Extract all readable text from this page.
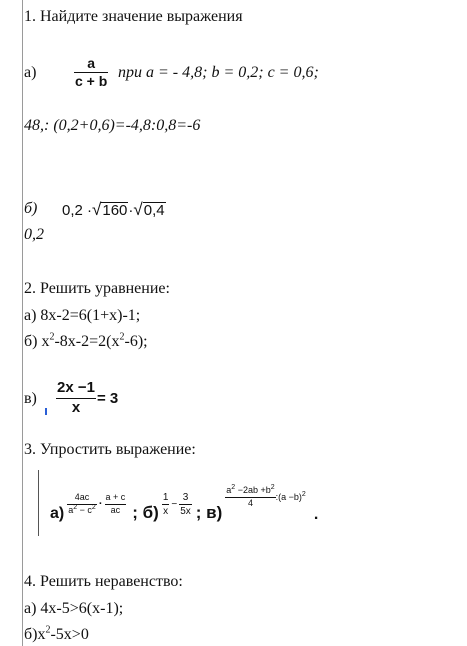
1. Найдите значение выражения
а)	$\frac{a}{c + b}$ при a = - 4,8; b = 0,2; c = 0,6;
48,: (0,2+0,6)=-4,8:0,8=-6
б) 0,2 · √ 160 · √ 0,4
0,2
2. Решить уравнение:
а) 8x-2=6(1+x)-1;
б) $x^2-8x-2=2(x^2-6)$;
$в) \frac{2x -1}{x} = 3$
3. Упростить выражение:
$а) \frac{4ac}{a^2 - c^2} \cdot \frac{a + c}{ac}$ ; $б) \frac{1}{x} - \frac{3}{5x}$ ; в)
$\frac{a^2 -2ab +b^2}{4}$ :(a −b)$^2$
.
4. Решить неравенство:
а) 4x-5>6(x-1);
$б)x^2-5x>0$
